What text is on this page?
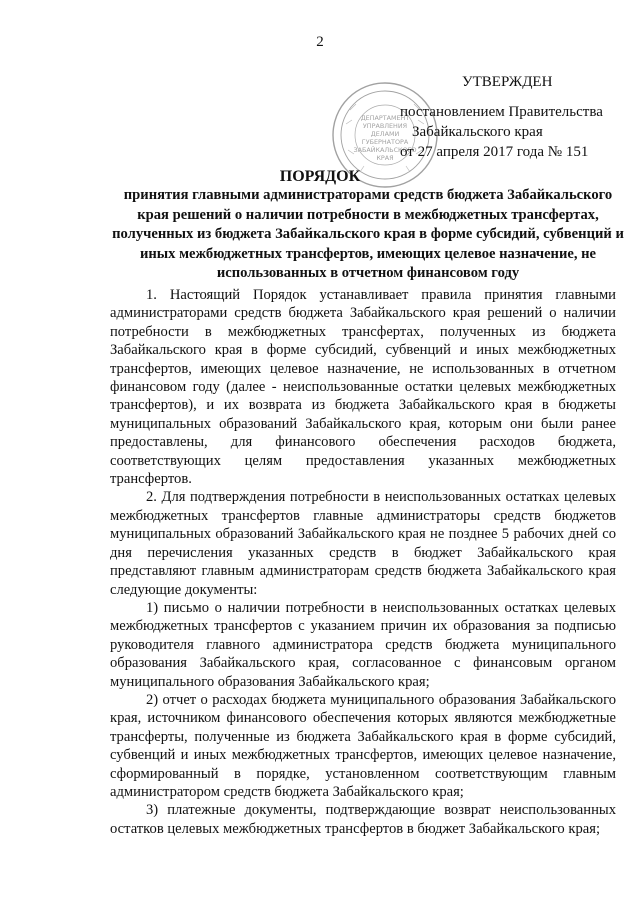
2
ДЕПАРТАМЕНТ
УПРАВЛЕНИЯ
ДЕЛАМИ
ГУБЕРНАТОРА
ЗАБАЙКАЛЬСКОГО
КРАЯ
УТВЕРЖДЕН
постановлением Правительства
Забайкальского края
от 27 апреля 2017 года № 151
ПОРЯДОК
принятия главными администраторами средств бюджета Забайкальского края решений о наличии потребности в межбюджетных трансфертах, полученных из бюджета Забайкальского края в форме субсидий, субвенций и иных межбюджетных трансфертов, имеющих целевое назначение, не использованных в отчетном финансовом году

1. Настоящий Порядок устанавливает правила принятия главными администраторами средств бюджета Забайкальского края решений о наличии потребности в межбюджетных трансфертах, полученных из бюджета Забайкальского края в форме субсидий, субвенций и иных межбюджетных трансфертов, имеющих целевое назначение, не использованных в отчетном финансовом году (далее - неиспользованные остатки целевых межбюджетных трансфертов), и их возврата из бюджета Забайкальского края в бюджеты муниципальных образований Забайкальского края, которым они были ранее предоставлены, для финансового обеспечения расходов бюджета, соответствующих целям предоставления указанных межбюджетных трансфертов.

2. Для подтверждения потребности в неиспользованных остатках целевых межбюджетных трансфертов главные администраторы средств бюджетов муниципальных образований Забайкальского края не позднее 5 рабочих дней со дня перечисления указанных средств в бюджет Забайкальского края представляют главным администраторам средств бюджета Забайкальского края следующие документы:

1) письмо о наличии потребности в неиспользованных остатках целевых межбюджетных трансфертов с указанием причин их образования за подписью руководителя главного администратора средств бюджета муниципального образования Забайкальского края, согласованное с финансовым органом муниципального образования Забайкальского края;

2) отчет о расходах бюджета муниципального образования Забайкальского края, источником финансового обеспечения которых являются межбюджетные трансферты, полученные из бюджета Забайкальского края в форме субсидий, субвенций и иных межбюджетных трансфертов, имеющих целевое назначение, сформированный в порядке, установленном соответствующим главным администратором средств бюджета Забайкальского края;

3) платежные документы, подтверждающие возврат неиспользованных остатков целевых межбюджетных трансфертов в бюджет Забайкальского края;
